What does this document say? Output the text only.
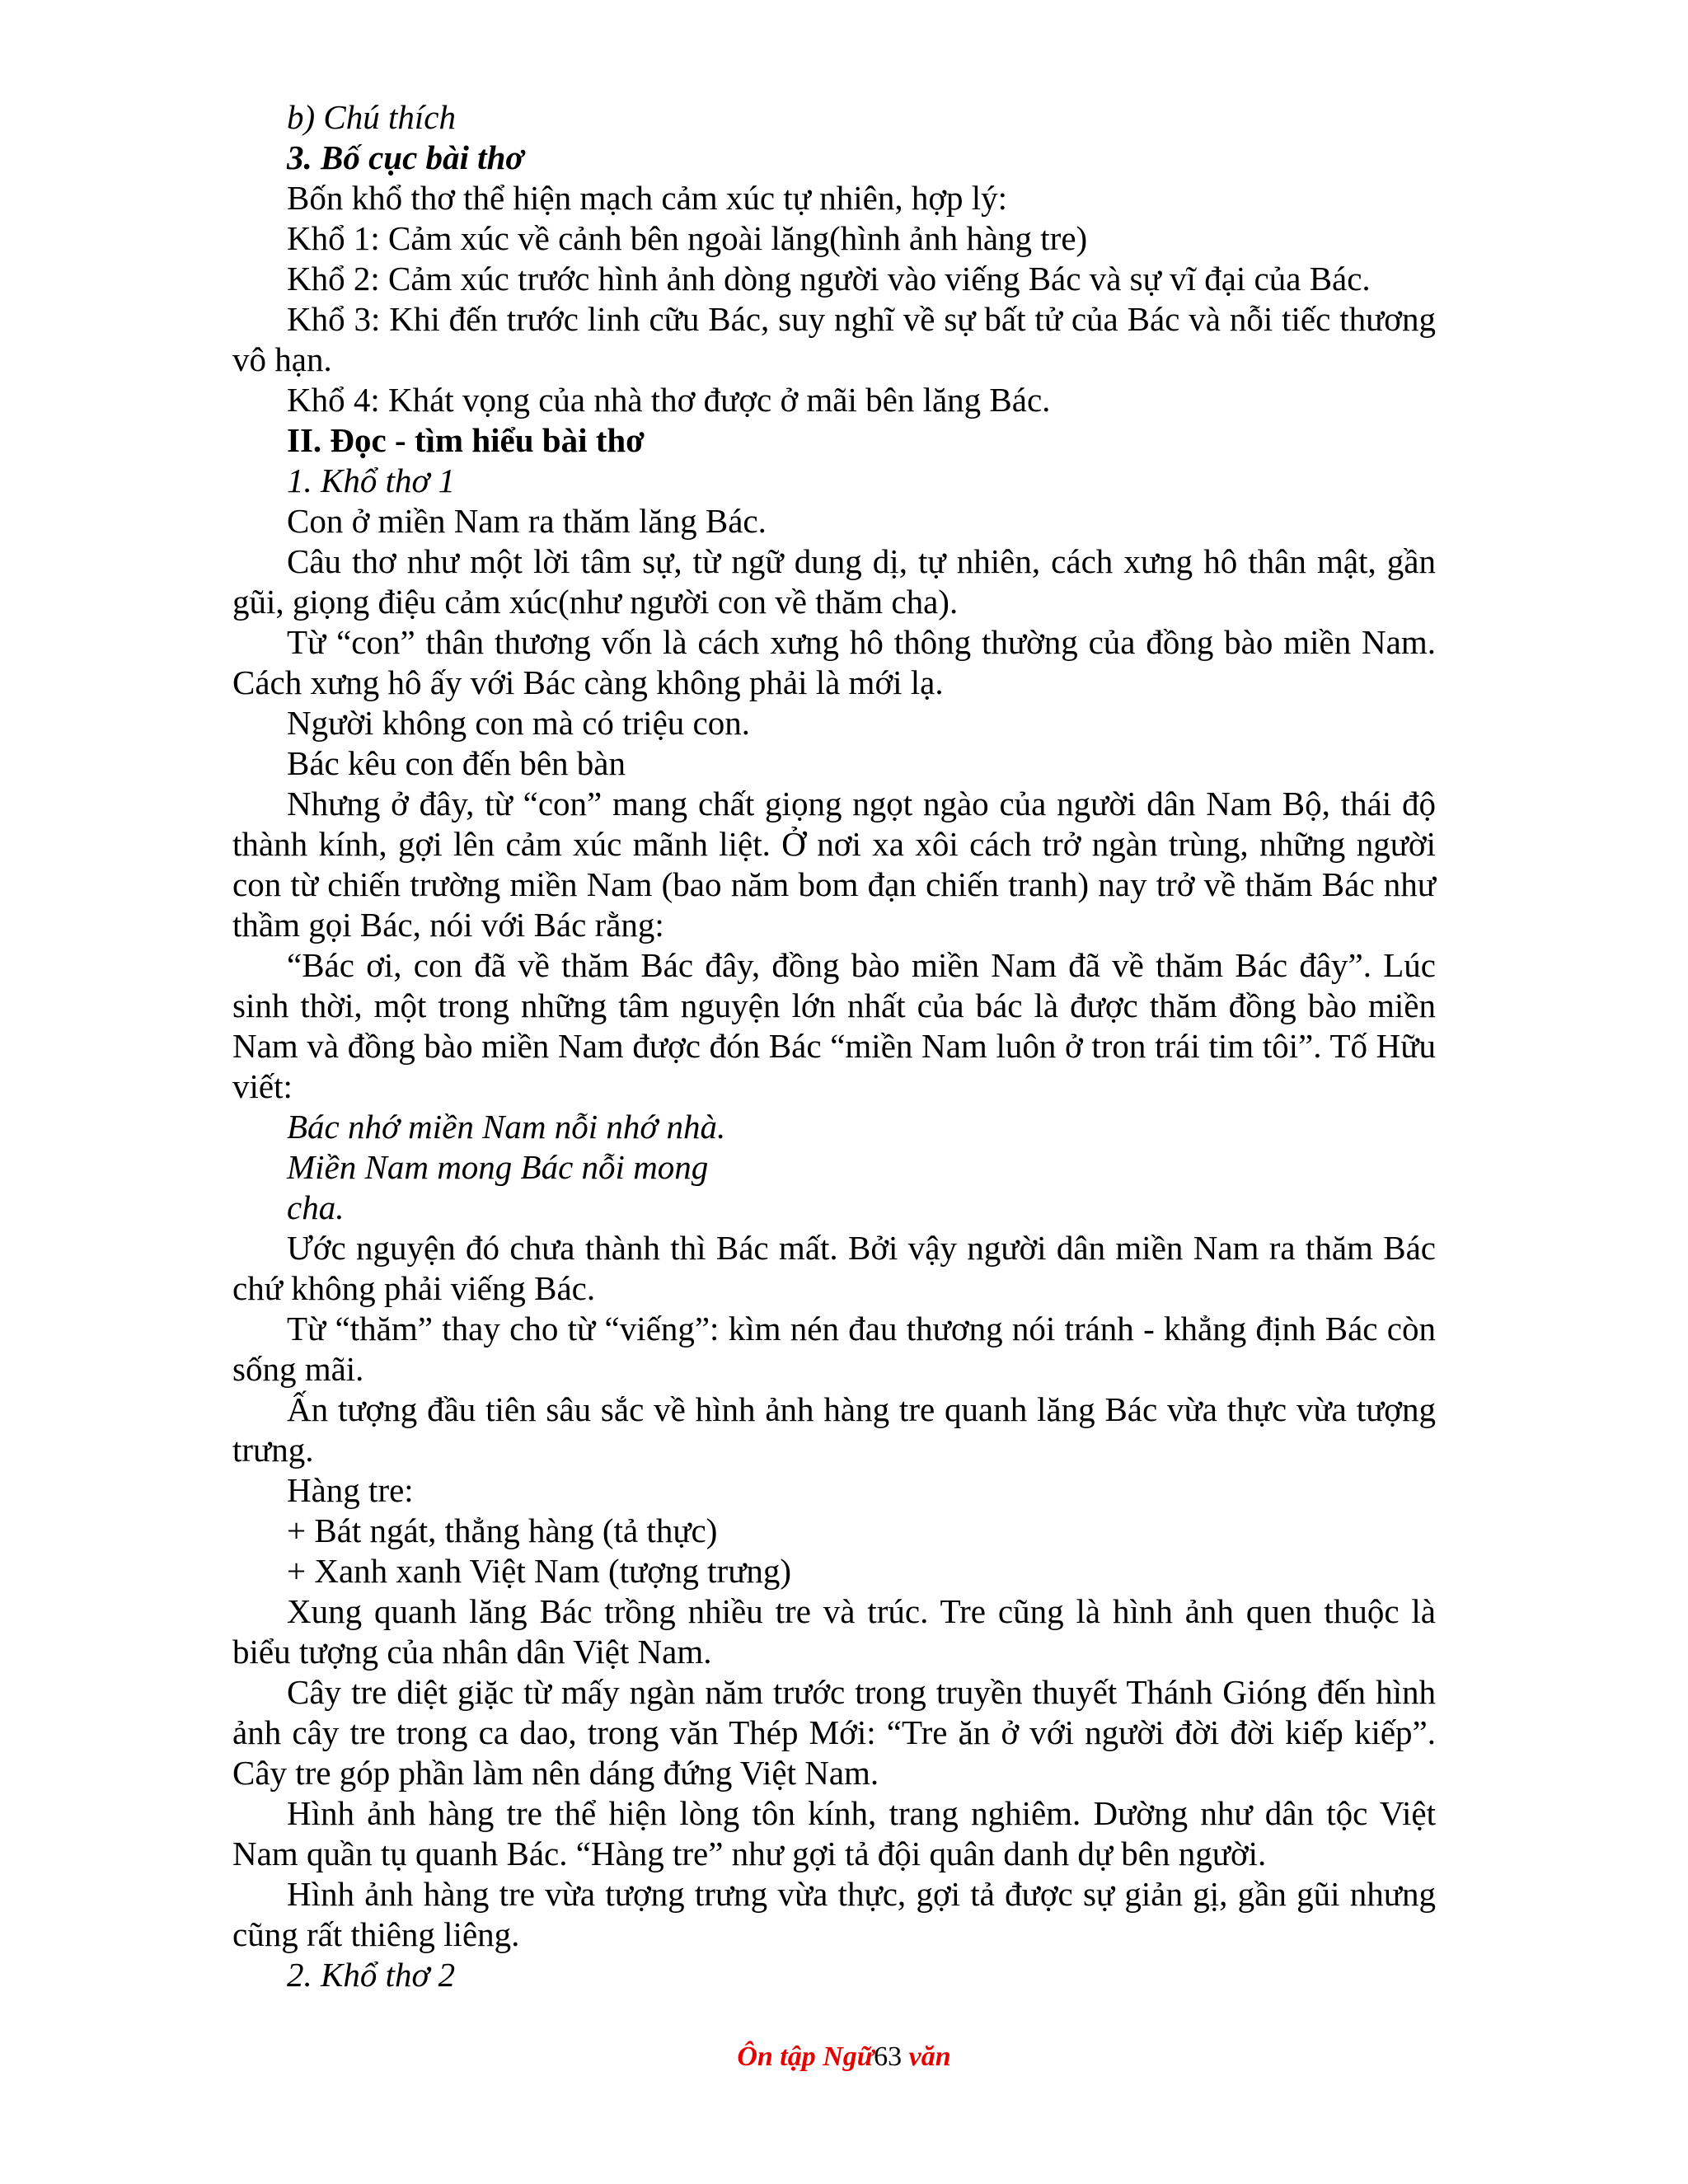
b) Chú thích

3. Bố cục bài thơ

Bốn khổ thơ thể hiện mạch cảm xúc tự nhiên, hợp lý:

Khổ 1: Cảm xúc về cảnh bên ngoài lăng(hình ảnh hàng tre)

Khổ 2: Cảm xúc trước hình ảnh dòng người vào viếng Bác và sự vĩ đại của Bác.

Khổ 3: Khi đến trước linh cữu Bác, suy nghĩ về sự bất tử của Bác và nỗi tiếc thương vô hạn.

Khổ 4: Khát vọng của nhà thơ được ở mãi bên lăng Bác.

II. Đọc - tìm hiểu bài thơ

1. Khổ thơ 1

Con ở miền Nam ra thăm lăng Bác.

Câu thơ như một lời tâm sự, từ ngữ dung dị, tự nhiên, cách xưng hô thân mật, gần gũi, giọng điệu cảm xúc(như người con về thăm cha).

Từ “con” thân thương vốn là cách xưng hô thông thường của đồng bào miền Nam. Cách xưng hô ấy với Bác càng không phải là mới lạ.

Người không con mà có triệu con.

Bác kêu con đến bên bàn

Nhưng ở đây, từ “con” mang chất giọng ngọt ngào của người dân Nam Bộ, thái độ thành kính, gợi lên cảm xúc mãnh liệt. Ở nơi xa xôi cách trở ngàn trùng, những người con từ chiến trường miền Nam (bao năm bom đạn chiến tranh) nay trở về thăm Bác như thầm gọi Bác, nói với Bác rằng:

“Bác ơi, con đã về thăm Bác đây, đồng bào miền Nam đã về thăm Bác đây”. Lúc sinh thời, một trong những tâm nguyện lớn nhất của bác là được thăm đồng bào miền Nam và đồng bào miền Nam được đón Bác “miền Nam luôn ở tron trái tim tôi”. Tố Hữu viết:

Bác nhớ miền Nam nỗi nhớ nhà.

Miền Nam mong Bác nỗi mong

cha.

Ước nguyện đó chưa thành thì Bác mất. Bởi vậy người dân miền Nam ra thăm Bác chứ không phải viếng Bác.

Từ “thăm” thay cho từ “viếng”: kìm nén đau thương nói tránh - khẳng định Bác còn sống mãi.

Ấn tượng đầu tiên sâu sắc về hình ảnh hàng tre quanh lăng Bác vừa thực vừa tượng trưng.

Hàng tre:

+ Bát ngát, thẳng hàng (tả thực)

+ Xanh xanh Việt Nam (tượng trưng)

Xung quanh lăng Bác trồng nhiều tre và trúc. Tre cũng là hình ảnh quen thuộc là biểu tượng của nhân dân Việt Nam.

Cây tre diệt giặc từ mấy ngàn năm trước trong truyền thuyết Thánh Gióng đến hình ảnh cây tre trong ca dao, trong văn Thép Mới: “Tre ăn ở với người đời đời kiếp kiếp”. Cây tre góp phần làm nên dáng đứng Việt Nam.

Hình ảnh hàng tre thể hiện lòng tôn kính, trang nghiêm. Dường như dân tộc Việt Nam quần tụ quanh Bác. “Hàng tre” như gợi tả đội quân danh dự bên người.

Hình ảnh hàng tre vừa tượng trưng vừa thực, gợi tả được sự giản gị, gần gũi nhưng cũng rất thiêng liêng.

2. Khổ thơ 2

Ôn tập Ngữ63 văn
